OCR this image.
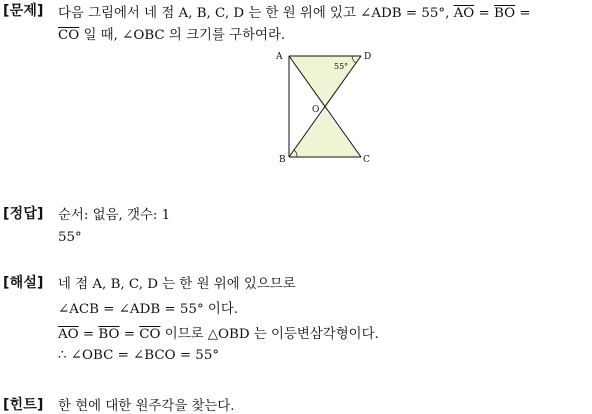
[문제] 다음 그림에서 네 점 A, B, C, D 는 한 원 위에 있고 ∠ADB = 55°, $\overline{AO} = \overline{BO}$ =
$\overline{CO}$ 일 때, ∠OBC 의 크기를 구하여라.
A	D
B	C
O
55°
[정답] 순서: 없음, 갯수: 1
55°
[해설] 네 점 A, B, C, D 는 한 원 위에 있으므로
∠ACB = ∠ADB = 55° 이다.
$\overline{AO} = \overline{BO} = \overline{CO}$ 이므로 △OBD 는 이등변삼각형이다.
∴ ∠OBC = ∠BCO = 55°
[힌트] 한 현에 대한 원주각을 찾는다.
